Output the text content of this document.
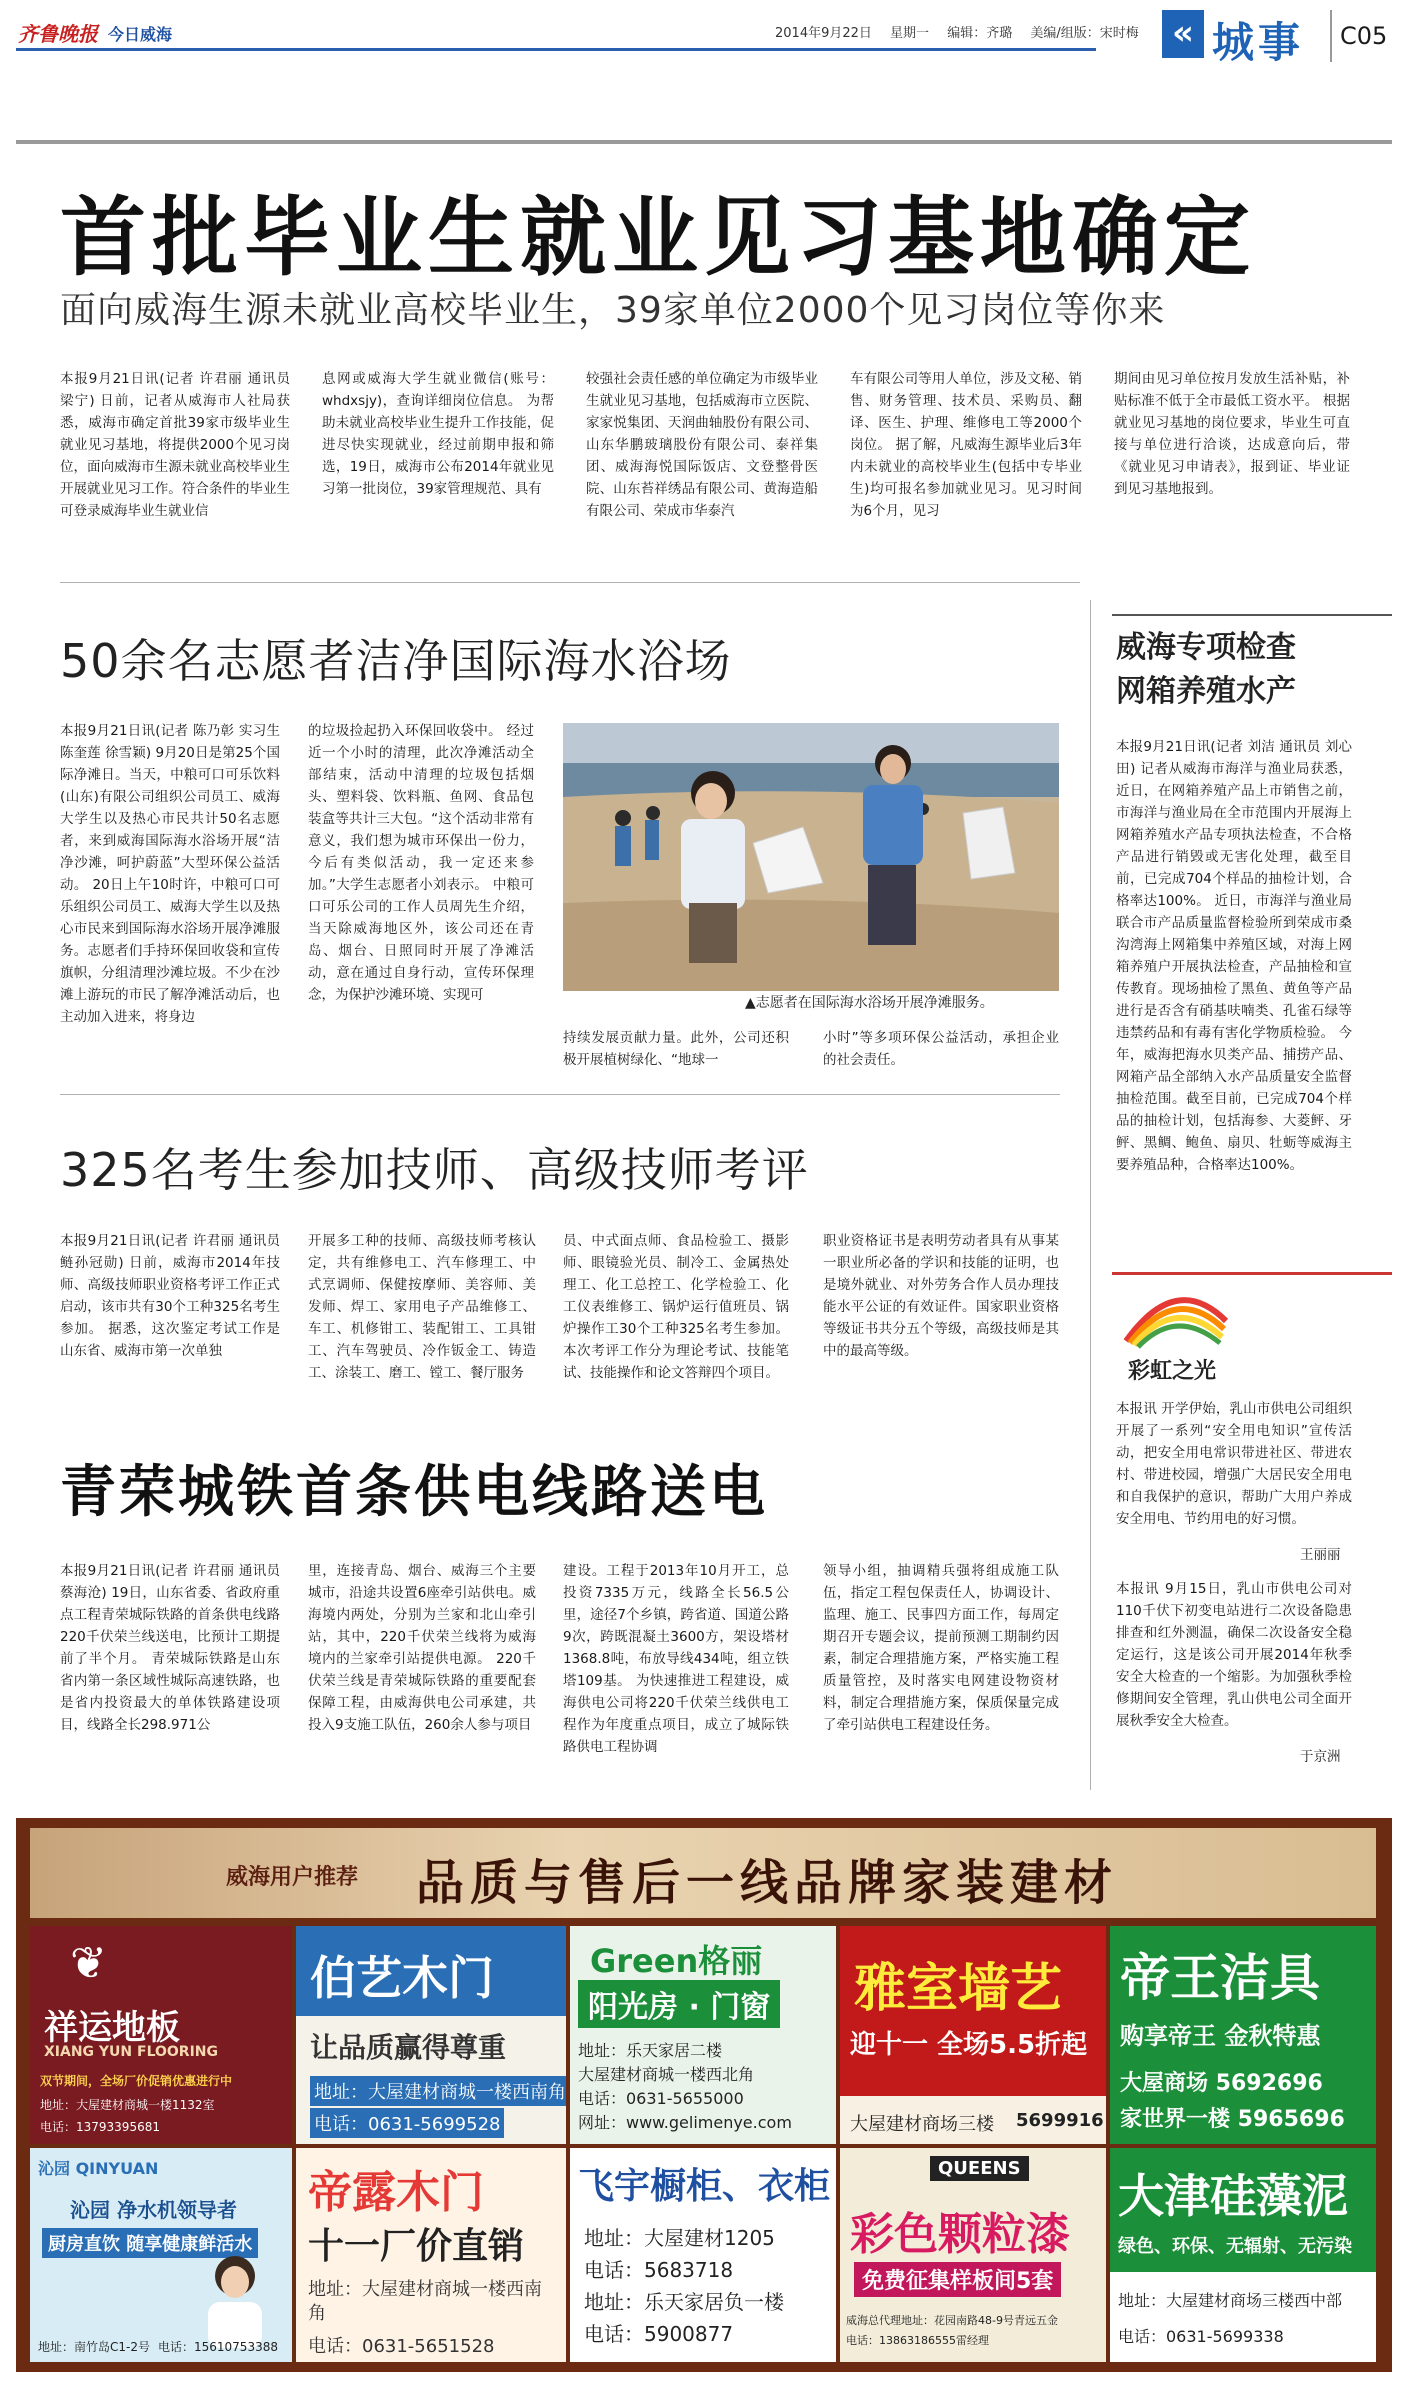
齐鲁晚报 今日威海	2014年9月22日 星期一 编辑：齐璐 美编/组版：宋时梅 « 城事 C05
首批毕业生就业见习基地确定
面向威海生源未就业高校毕业生，39家单位2000个见习岗位等你来
本报9月21日讯(记者 许君丽 通讯员 梁宁) 日前，记者从威海市人社局获悉，威海市确定首批39家市级毕业生就业见习基地，将提供2000个见习岗位，面向威海市生源未就业高校毕业生开展就业见习工作。符合条件的毕业生可登录威海毕业生就业信
息网或威海大学生就业微信(账号：whdxsjy)，查询详细岗位信息。 为帮助未就业高校毕业生提升工作技能，促进尽快实现就业，经过前期申报和筛选，19日，威海市公布2014年就业见习第一批岗位，39家管理规范、具有
较强社会责任感的单位确定为市级毕业生就业见习基地，包括威海市立医院、家家悦集团、天润曲轴股份有限公司、山东华鹏玻璃股份有限公司、泰祥集团、威海海悦国际饭店、文登整骨医院、山东苔祥绣品有限公司、黄海造船有限公司、荣成市华泰汽
车有限公司等用人单位，涉及文秘、销售、财务管理、技术员、采购员、翻译、医生、护理、维修电工等2000个岗位。 据了解，凡威海生源毕业后3年内未就业的高校毕业生(包括中专毕业生)均可报名参加就业见习。见习时间为6个月，见习
期间由见习单位按月发放生活补贴，补贴标准不低于全市最低工资水平。 根据就业见习基地的岗位要求，毕业生可直接与单位进行洽谈，达成意向后，带《就业见习申请表》，报到证、毕业证到见习基地报到。
50余名志愿者洁净国际海水浴场
本报9月21日讯(记者 陈乃彰 实习生 陈奎莲 徐雪颖) 9月20日是第25个国际净滩日。当天，中粮可口可乐饮料(山东)有限公司组织公司员工、威海大学生以及热心市民共计50名志愿者，来到威海国际海水浴场开展“洁净沙滩，呵护蔚蓝”大型环保公益活动。 20日上午10时许，中粮可口可乐组织公司员工、威海大学生以及热心市民来到国际海水浴场开展净滩服务。志愿者们手持环保回收袋和宣传旗帜，分组清理沙滩垃圾。不少在沙滩上游玩的市民了解净滩活动后，也主动加入进来，将身边
的垃圾捡起扔入环保回收袋中。 经过近一个小时的清理，此次净滩活动全部结束，活动中清理的垃圾包括烟头、塑料袋、饮料瓶、鱼网、食品包装盒等共计三大包。“这个活动非常有意义，我们想为城市环保出一份力，今后有类似活动，我一定还来参加。”大学生志愿者小刘表示。 中粮可口可乐公司的工作人员周先生介绍，当天除威海地区外，该公司还在青岛、烟台、日照同时开展了净滩活动，意在通过自身行动，宣传环保理念，为保护沙滩环境、实现可	▲志愿者在国际海水浴场开展净滩服务。
持续发展贡献力量。此外，公司还积极开展植树绿化、“地球一
小时”等多项环保公益活动，承担企业的社会责任。
325名考生参加技师、高级技师考评
本报9月21日讯(记者 许君丽 通讯员 鲢孙冠勋) 日前，威海市2014年技师、高级技师职业资格考评工作正式启动，该市共有30个工种325名考生参加。 据悉，这次鉴定考试工作是山东省、威海市第一次单独
开展多工种的技师、高级技师考核认定，共有维修电工、汽车修理工、中式烹调师、保健按摩师、美容师、美发师、焊工、家用电子产品维修工、车工、机修钳工、装配钳工、工具钳工、汽车驾驶员、冷作钣金工、铸造工、涂装工、磨工、镗工、餐厅服务
员、中式面点师、食品检验工、摄影师、眼镜验光员、制冷工、金属热处理工、化工总控工、化学检验工、化工仪表维修工、锅炉运行值班员、锅炉操作工30个工种325名考生参加。本次考评工作分为理论考试、技能笔试、技能操作和论文答辩四个项目。
职业资格证书是表明劳动者具有从事某一职业所必备的学识和技能的证明，也是境外就业、对外劳务合作人员办理技能水平公证的有效证件。国家职业资格等级证书共分五个等级，高级技师是其中的最高等级。
青荣城铁首条供电线路送电
本报9月21日讯(记者 许君丽 通讯员 蔡海沧) 19日，山东省委、省政府重点工程青荣城际铁路的首条供电线路220千伏荣兰线送电，比预计工期提前了半个月。 青荣城际铁路是山东省内第一条区域性城际高速铁路，也是省内投资最大的单体铁路建设项目，线路全长298.971公
里，连接青岛、烟台、威海三个主要城市，沿途共设置6座牵引站供电。威海境内两处，分别为兰家和北山牵引站，其中，220千伏荣兰线将为威海境内的兰家牵引站提供电源。 220千伏荣兰线是青荣城际铁路的重要配套保障工程，由威海供电公司承建，共投入9支施工队伍，260余人参与项目
建设。工程于2013年10月开工，总投资7335万元，线路全长56.5公里，途径7个乡镇，跨省道、国道公路9次，跨既混凝土3600方，架设塔材1368.8吨，布放导线434吨，组立铁塔109基。 为快速推进工程建设，威海供电公司将220千伏荣兰线供电工程作为年度重点项目，成立了城际铁路供电工程协调
领导小组，抽调精兵强将组成施工队伍，指定工程包保责任人，协调设计、监理、施工、民事四方面工作，每周定期召开专题会议，提前预测工期制约因素，制定合理措施方案，严格实施工程质量管控，及时落实电网建设物资材料，制定合理措施方案，保质保量完成了牵引站供电工程建设任务。
威海专项检查网箱养殖水产
本报9月21日讯(记者 刘洁 通讯员 刘心田) 记者从威海市海洋与渔业局获悉，近日，在网箱养殖产品上市销售之前，市海洋与渔业局在全市范围内开展海上网箱养殖水产品专项执法检查，不合格产品进行销毁或无害化处理，截至目前，已完成704个样品的抽检计划，合格率达100%。 近日，市海洋与渔业局联合市产品质量监督检验所到荣成市桑沟湾海上网箱集中养殖区域，对海上网箱养殖户开展执法检查，产品抽检和宣传教育。现场抽检了黑鱼、黄鱼等产品进行是否含有硝基呋喃类、孔雀石绿等违禁药品和有毒有害化学物质检验。 今年，威海把海水贝类产品、捕捞产品、网箱产品全部纳入水产品质量安全监督抽检范围。截至目前，已完成704个样品的抽检计划，包括海参、大菱鲆、牙鲆、黑鲷、鲍鱼、扇贝、牡蛎等威海主要养殖品种，合格率达100%。
彩虹之光
本报讯 开学伊始，乳山市供电公司组织开展了一系列“安全用电知识”宣传活动，把安全用电常识带进社区、带进农村、带进校园，增强广大居民安全用电和自我保护的意识，帮助广大用户养成安全用电、节约用电的好习惯。
王丽丽
本报讯 9月15日，乳山市供电公司对110千伏下初变电站进行二次设备隐患排查和红外测温，确保二次设备安全稳定运行，这是该公司开展2014年秋季安全大检查的一个缩影。为加强秋季检修期间安全管理，乳山供电公司全面开展秋季安全大检查。
于京洲
威海用户推荐 品质与售后一线品牌家装建材
❦
祥运地板
XIANG YUN FLOORING
双节期间，全场厂价促销优惠进行中
地址：大屋建材商城一楼1132室
电话：13793395681
伯艺木门
让品质赢得尊重
地址：大屋建材商城一楼西南角
电话：0631-5699528
Green格丽
阳光房 · 门窗
地址：乐天家居二楼
大屋建材商城一楼西北角
电话：0631-5655000
网址：www.gelimenye.com
雅室墙艺
迎十一 全场5.5折起
大屋建材商场三楼 5699916
帝王洁具
购享帝王 金秋特惠
大屋商场 5692696
家世界一楼 5965696
沁园 QINYUAN
沁园 净水机领导者
厨房直饮 随享健康鲜活水
地址：南竹岛C1-2号 电话：15610753388
帝露木门
十一厂价直销
地址：大屋建材商城一楼西南角
电话：0631-5651528
飞宇橱柜、衣柜
地址：大屋建材1205
电话：5683718
地址：乐天家居负一楼
电话：5900877
QUEENS
彩色颗粒漆
免费征集样板间5套
威海总代理地址：花园南路48-9号青远五金
电话：13863186555雷经理
大津硅藻泥
绿色、环保、无辐射、无污染
地址：大屋建材商场三楼西中部
电话：0631-5699338
